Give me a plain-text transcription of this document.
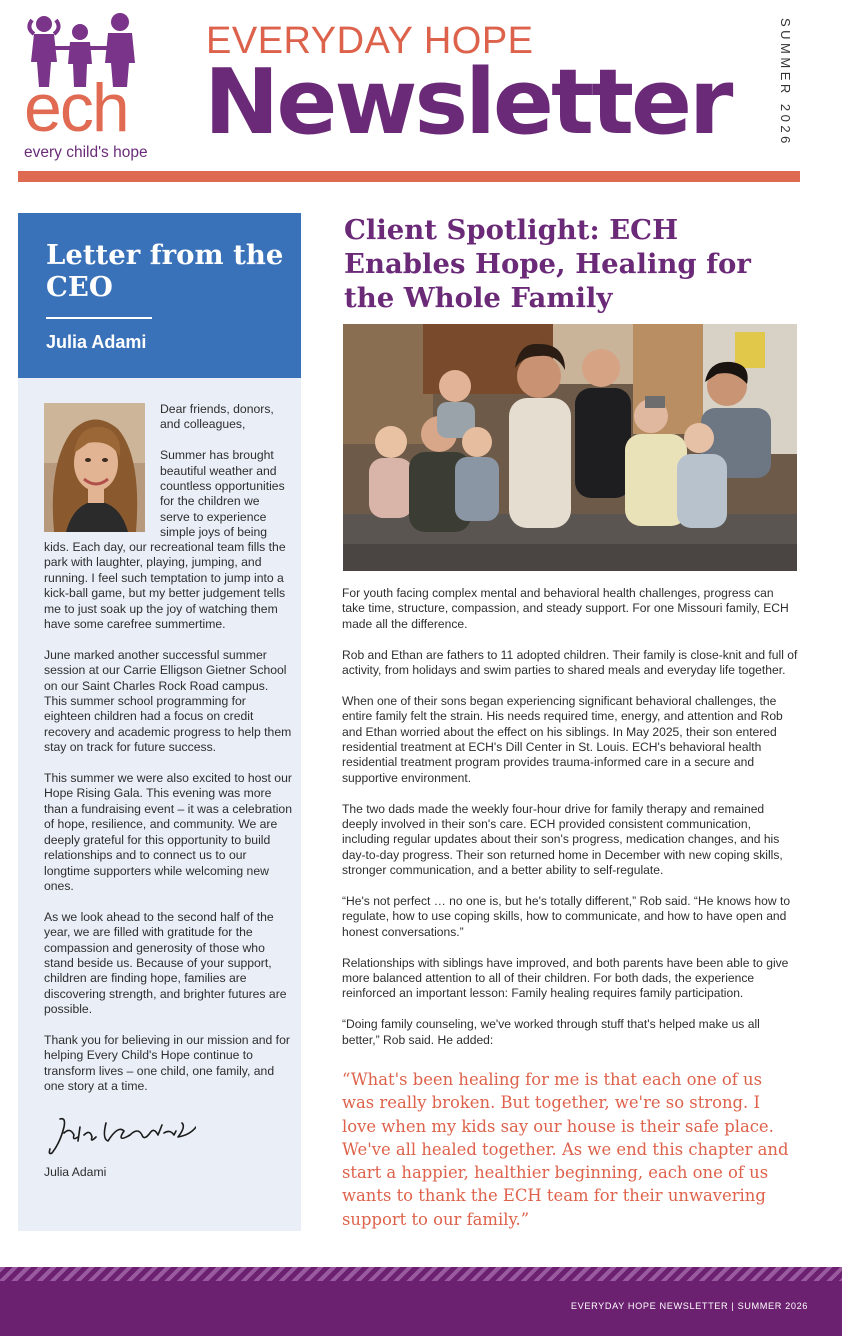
ech
every child's hope
EVERYDAY HOPE
Newsletter	SUMMER 2026
Letter from the CEO
Julia Adami

Dear friends, donors, and colleagues,

Summer has brought beautiful weather and countless opportunities for the children we serve to experience simple joys of being

kids. Each day, our recreational team fills the park with laughter, playing, jumping, and running. I feel such temptation to jump into a kick-ball game, but my better judgement tells me to just soak up the joy of watching them have some carefree summertime.

June marked another successful summer session at our Carrie Elligson Gietner School on our Saint Charles Rock Road campus. This summer school programming for eighteen children had a focus on credit recovery and academic progress to help them stay on track for future success.

This summer we were also excited to host our Hope Rising Gala. This evening was more than a fundraising event – it was a celebration of hope, resilience, and community. We are deeply grateful for this opportunity to build relationships and to connect us to our longtime supporters while welcoming new ones.

As we look ahead to the second half of the year, we are filled with gratitude for the compassion and generosity of those who stand beside us. Because of your support, children are finding hope, families are discovering strength, and brighter futures are possible.

Thank you for believing in our mission and for helping Every Child's Hope continue to transform lives – one child, one family, and one story at a time.

Julia Adami
Client Spotlight: ECH Enables Hope, Healing for the Whole Family

For youth facing complex mental and behavioral health challenges, progress can take time, structure, compassion, and steady support. For one Missouri family, ECH made all the difference.

Rob and Ethan are fathers to 11 adopted children. Their family is close-knit and full of activity, from holidays and swim parties to shared meals and everyday life together.

When one of their sons began experiencing significant behavioral challenges, the entire family felt the strain. His needs required time, energy, and attention and Rob and Ethan worried about the effect on his siblings. In May 2025, their son entered residential treatment at ECH's Dill Center in St. Louis. ECH's behavioral health residential treatment program provides trauma-informed care in a secure and supportive environment.

The two dads made the weekly four-hour drive for family therapy and remained deeply involved in their son's care. ECH provided consistent communication, including regular updates about their son's progress, medication changes, and his day-to-day progress. Their son returned home in December with new coping skills, stronger communication, and a better ability to self-regulate.

“He's not perfect … no one is, but he's totally different,” Rob said. “He knows how to regulate, how to use coping skills, how to communicate, and how to have open and honest conversations.”

Relationships with siblings have improved, and both parents have been able to give more balanced attention to all of their children. For both dads, the experience reinforced an important lesson: Family healing requires family participation.

“Doing family counseling, we've worked through stuff that's helped make us all better,” Rob said. He added:

“What's been healing for me is that each one of us was really broken. But together, we're so strong. I love when my kids say our house is their safe place. We've all healed together. As we end this chapter and start a happier, healthier beginning, each one of us wants to thank the ECH team for their unwavering support to our family.”
EVERYDAY HOPE NEWSLETTER | SUMMER 2026
